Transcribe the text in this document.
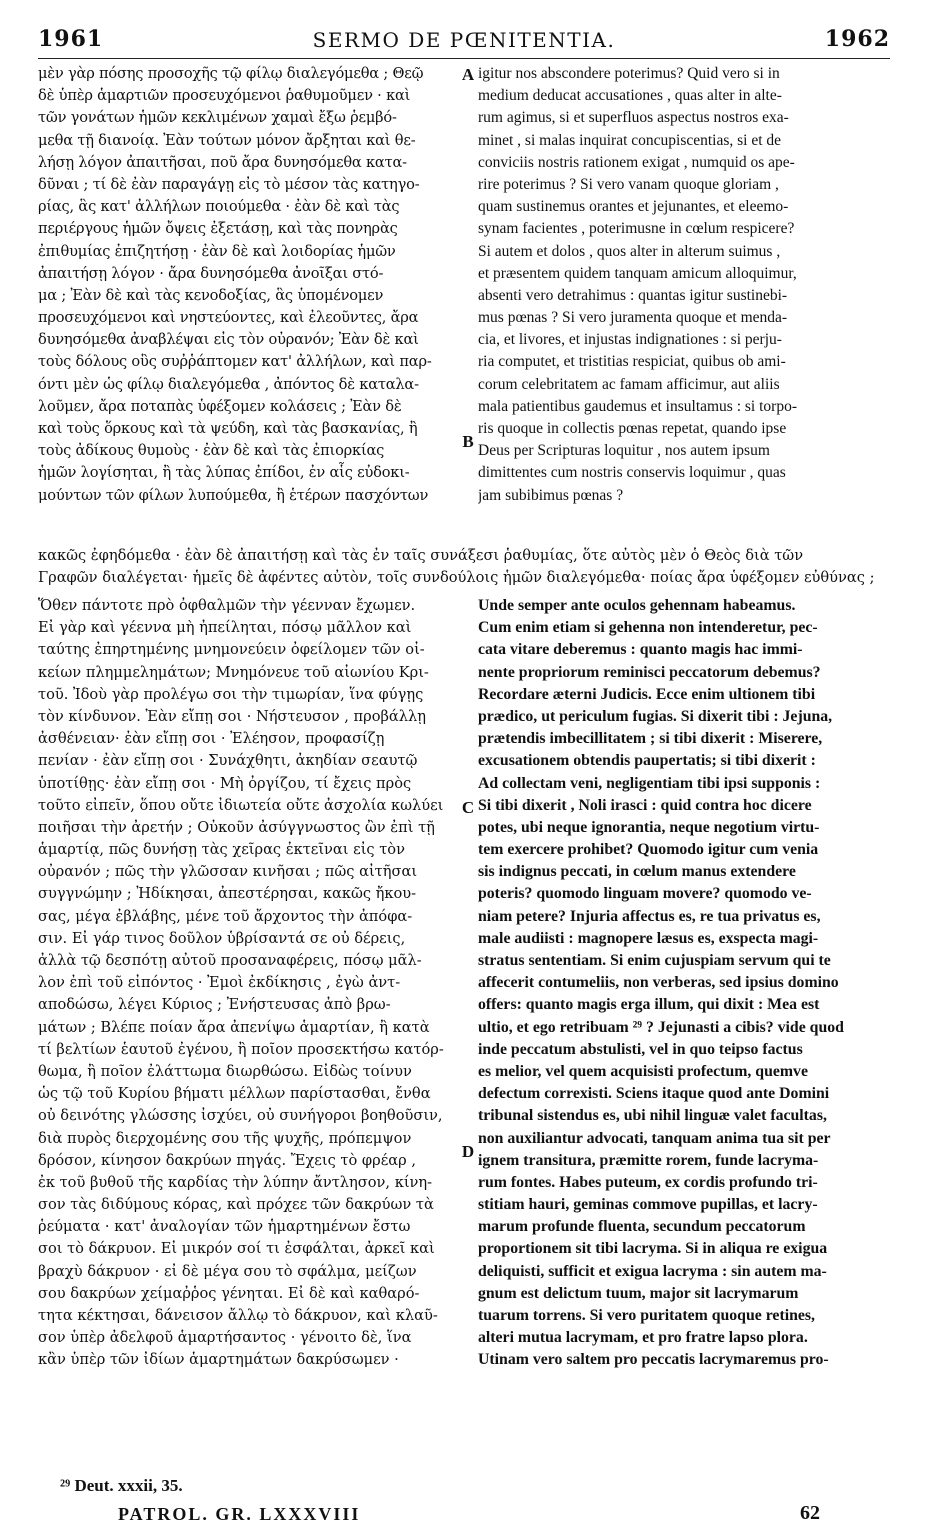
1961	SERMO DE PŒNITENTIA.	1962
μὲν γὰρ πόσης προσοχῆς τῷ φίλῳ διαλεγόμεθα ; Θεῷ
δὲ ὑπὲρ ἁμαρτιῶν προσευχόμενοι ῥαθυμοῦμεν · καὶ
τῶν γονάτων ἡμῶν κεκλιμένων χαμαὶ ἔξω ῥεμβό-
μεθα τῇ διανοίᾳ. Ἐὰν τούτων μόνον ἄρξηται καὶ θε-
λήσῃ λόγον ἀπαιτῆσαι, ποῦ ἄρα δυνησόμεθα κατα-
δῦναι ; τί δὲ ἐὰν παραγάγῃ εἰς τὸ μέσον τὰς κατηγο-
ρίας, ἃς κατ' ἀλλήλων ποιούμεθα · ἐὰν δὲ καὶ τὰς
περιέργους ἡμῶν ὄψεις ἐξετάσῃ, καὶ τὰς πονηρὰς
ἐπιθυμίας ἐπιζητήσῃ · ἐὰν δὲ καὶ λοιδορίας ἡμῶν
ἀπαιτήσῃ λόγον · ἄρα δυνησόμεθα ἀνοῖξαι στό-
μα ; Ἐὰν δὲ καὶ τὰς κενοδοξίας, ἃς ὑπομένομεν
προσευχόμενοι καὶ νηστεύοντες, καὶ ἐλεοῦντες, ἄρα
δυνησόμεθα ἀναβλέψαι εἰς τὸν οὐρανόν; Ἐὰν δὲ καὶ
τοὺς δόλους οὓς συῤῥάπτομεν κατ' ἀλλήλων, καὶ παρ-
όντι μὲν ὡς φίλῳ διαλεγόμεθα , ἀπόντος δὲ καταλα-
λοῦμεν, ἄρα ποταπὰς ὑφέξομεν κολάσεις ; Ἐὰν δὲ
καὶ τοὺς ὅρκους καὶ τὰ ψεύδη, καὶ τὰς βασκανίας, ἢ
τοὺς ἀδίκους θυμοὺς · ἐὰν δὲ καὶ τὰς ἐπιορκίας
ἡμῶν λογίσηται, ἢ τὰς λύπας ἐπίδοι, ἐν αἷς εὐδοκι-
μούντων τῶν φίλων λυπούμεθα, ἢ ἑτέρων πασχόντων
igitur nos abscondere poterimus? Quid vero si in
medium deducat accusationes , quas alter in alte-
rum agimus, si et superfluos aspectus nostros exa-
minet , si malas inquirat concupiscentias, si et de
conviciis nostris rationem exigat , numquid os ape-
rire poterimus ? Si vero vanam quoque gloriam ,
quam sustinemus orantes et jejunantes, et eleemo-
synam facientes , poterimusne in cœlum respicere?
Si autem et dolos , quos alter in alterum suimus ,
et præsentem quidem tanquam amicum alloquimur,
absenti vero detrahimus : quantas igitur sustinebi-
mus pœnas ? Si vero juramenta quoque et menda-
cia, et livores, et injustas indignationes : si perju-
ria computet, et tristitias respiciat, quibus ob ami-
corum celebritatem ac famam afficimur, aut aliis
mala patientibus gaudemus et insultamus : si torpo-
ris quoque in collectis pœnas repetat, quando ipse
Deus per Scripturas loquitur , nos autem ipsum
dimittentes cum nostris conservis loquimur , quas
jam subibimus pœnas ?
κακῶς ἐφηδόμεθα · ἐὰν δὲ ἀπαιτήσῃ καὶ τὰς ἐν ταῖς συνάξεσι ῥαθυμίας, ὅτε αὐτὸς μὲν ὁ Θεὸς διὰ τῶν
Γραφῶν διαλέγεται· ἡμεῖς δὲ ἀφέντες αὐτὸν, τοῖς συνδούλοις ἡμῶν διαλεγόμεθα· ποίας ἄρα ὑφέξομεν εὐθύνας ;
Ὅθεν πάντοτε πρὸ ὀφθαλμῶν τὴν γέενναν ἔχωμεν.
Εἰ γὰρ καὶ γέεννα μὴ ἠπείληται, πόσῳ μᾶλλον καὶ
ταύτης ἐπηρτημένης μνημονεύειν ὀφείλομεν τῶν οἰ-
κείων πλημμελημάτων; Μνημόνευε τοῦ αἰωνίου Κρι-
τοῦ. Ἰδοὺ γὰρ προλέγω σοι τὴν τιμωρίαν, ἵνα φύγῃς
τὸν κίνδυνον. Ἐὰν εἴπῃ σοι · Νήστευσον , προβάλλῃ
ἀσθένειαν· ἐὰν εἴπῃ σοι · Ἐλέησον, προφασίζῃ
πενίαν · ἐὰν εἴπῃ σοι · Συνάχθητι, ἀκηδίαν σεαυτῷ
ὑποτίθῃς· ἐὰν εἴπῃ σοι · Μὴ ὀργίζου, τί ἔχεις πρὸς
τοῦτο εἰπεῖν, ὅπου οὔτε ἰδιωτεία οὔτε ἀσχολία κωλύει
ποιῆσαι τὴν ἀρετήν ; Οὐκοῦν ἀσύγγνωστος ὢν ἐπὶ τῇ
ἁμαρτίᾳ, πῶς δυνήσῃ τὰς χεῖρας ἐκτεῖναι εἰς τὸν
οὐρανόν ; πῶς τὴν γλῶσσαν κινῆσαι ; πῶς αἰτῆσαι
συγγνώμην ; Ἠδίκησαι, ἀπεστέρησαι, κακῶς ἤκου-
σας, μέγα ἐβλάβης, μένε τοῦ ἄρχοντος τὴν ἀπόφα-
σιν. Εἰ γάρ τινος δοῦλον ὑβρίσαντά σε οὐ δέρεις,
ἀλλὰ τῷ δεσπότῃ αὐτοῦ προσαναφέρεις, πόσῳ μᾶλ-
λον ἐπὶ τοῦ εἰπόντος · Ἐμοὶ ἐκδίκησις , ἐγὼ ἀντ-
αποδώσω, λέγει Κύριος ; Ἐνήστευσας ἀπὸ βρω-
μάτων ; Βλέπε ποίαν ἄρα ἀπενίψω ἁμαρτίαν, ἢ κατὰ
τί βελτίων ἑαυτοῦ ἐγένου, ἢ ποῖον προσεκτήσω κατόρ-
θωμα, ἢ ποῖον ἐλάττωμα διωρθώσω. Εἰδὼς τοίνυν
ὡς τῷ τοῦ Κυρίου βήματι μέλλων παρίστασθαι, ἔνθα
οὐ δεινότης γλώσσης ἰσχύει, οὐ συνήγοροι βοηθοῦσιν,
διὰ πυρὸς διερχομένης σου τῆς ψυχῆς, πρόπεμψον
δρόσον, κίνησον δακρύων πηγάς. Ἔχεις τὸ φρέαρ ,
ἐκ τοῦ βυθοῦ τῆς καρδίας τὴν λύπην ἄντλησον, κίνη-
σον τὰς διδύμους κόρας, καὶ πρόχεε τῶν δακρύων τὰ
ῥεύματα · κατ' ἀναλογίαν τῶν ἡμαρτημένων ἔστω
σοι τὸ δάκρυον. Εἰ μικρόν σοί τι ἐσφάλται, ἀρκεῖ καὶ
βραχὺ δάκρυον · εἰ δὲ μέγα σου τὸ σφάλμα, μείζων
σου δακρύων χείμαῤῥος γένηται. Εἰ δὲ καὶ καθαρό-
τητα κέκτησαι, δάνεισον ἄλλῳ τὸ δάκρυον, καὶ κλαῦ-
σον ὑπὲρ ἀδελφοῦ ἁμαρτήσαντος · γένοιτο δὲ, ἵνα
κἂν ὑπὲρ τῶν ἰδίων ἁμαρτημάτων δακρύσωμεν ·
Unde semper ante oculos gehennam habeamus.
Cum enim etiam si gehenna non intenderetur, pec-
cata vitare deberemus : quanto magis hac immi-
nente propriorum reminisci peccatorum debemus?
Recordare æterni Judicis. Ecce enim ultionem tibi
prædico, ut periculum fugias. Si dixerit tibi : Jejuna,
prætendis imbecillitatem ; si tibi dixerit : Miserere,
excusationem obtendis paupertatis; si tibi dixerit :
Ad collectam veni, negligentiam tibi ipsi supponis :
Si tibi dixerit , Noli irasci : quid contra hoc dicere
potes, ubi neque ignorantia, neque negotium virtu-
tem exercere prohibet? Quomodo igitur cum venia
sis indignus peccati, in cœlum manus extendere
poteris? quomodo linguam movere? quomodo ve-
niam petere? Injuria affectus es, re tua privatus es,
male audiisti : magnopere læsus es, exspecta magi-
stratus sententiam. Si enim cujuspiam servum qui te
affecerit contumeliis, non verberas, sed ipsius domino
offers: quanto magis erga illum, qui dixit : Mea est
ultio, et ego retribuam ²⁹ ? Jejunasti a cibis? vide quod
inde peccatum abstulisti, vel in quo teipso factus
es melior, vel quem acquisisti profectum, quemve
defectum correxisti. Sciens itaque quod ante Domini
tribunal sistendus es, ubi nihil linguæ valet facultas,
non auxiliantur advocati, tanquam anima tua sit per
ignem transitura, præmitte rorem, funde lacryma-
rum fontes. Habes puteum, ex cordis profundo tri-
stitiam hauri, geminas commove pupillas, et lacry-
marum profunde fluenta, secundum peccatorum
proportionem sit tibi lacryma. Si in aliqua re exigua
deliquisti, sufficit et exigua lacryma : sin autem ma-
gnum est delictum tuum, major sit lacrymarum
tuarum torrens. Si vero puritatem quoque retines,
alteri mutua lacrymam, et pro fratre lapso plora.
Utinam vero saltem pro peccatis lacrymaremus pro-
A
B
C
D
²⁹ Deut. xxxii, 35.
PATROL. GR. LXXXVIII	62
